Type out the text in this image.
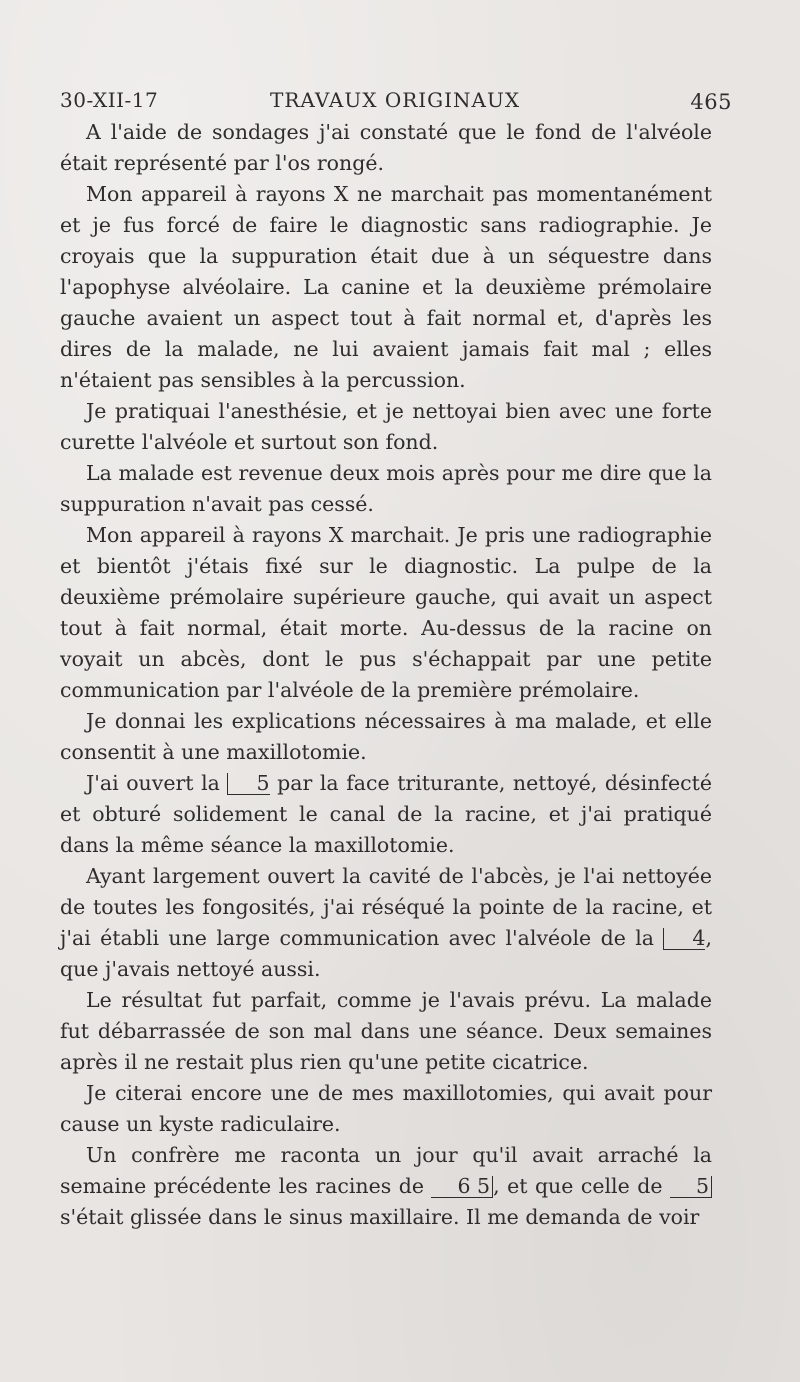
30-XII-17	TRAVAUX ORIGINAUX	465

A l'aide de sondages j'ai constaté que le fond de l'alvéole était représenté par l'os rongé.

Mon appareil à rayons X ne marchait pas momentanément et je fus forcé de faire le diagnostic sans radiographie. Je croyais que la suppuration était due à un séquestre dans l'apophyse alvéolaire. La canine et la deuxième prémolaire gauche avaient un aspect tout à fait normal et, d'après les dires de la malade, ne lui avaient jamais fait mal ; elles n'étaient pas sensibles à la percussion.

Je pratiquai l'anesthésie, et je nettoyai bien avec une forte curette l'alvéole et surtout son fond.

La malade est revenue deux mois après pour me dire que la suppuration n'avait pas cessé.

Mon appareil à rayons X marchait. Je pris une radiographie et bientôt j'étais fixé sur le diagnostic. La pulpe de la deuxième prémolaire supérieure gauche, qui avait un aspect tout à fait normal, était morte. Au-dessus de la racine on voyait un abcès, dont le pus s'échappait par une petite communication par l'alvéole de la première prémolaire.

Je donnai les explications nécessaires à ma malade, et elle consentit à une maxillotomie.

J'ai ouvert la 5 par la face triturante, nettoyé, désinfecté et obturé solidement le canal de la racine, et j'ai pratiqué dans la même séance la maxillotomie.

Ayant largement ouvert la cavité de l'abcès, je l'ai nettoyée de toutes les fongosités, j'ai réséqué la pointe de la racine, et j'ai établi une large communication avec l'alvéole de la 4, que j'avais nettoyé aussi.

Le résultat fut parfait, comme je l'avais prévu. La malade fut débarrassée de son mal dans une séance. Deux semaines après il ne restait plus rien qu'une petite cicatrice.

Je citerai encore une de mes maxillotomies, qui avait pour cause un kyste radiculaire.

Un confrère me raconta un jour qu'il avait arraché la semaine précédente les racines de 6 5 , et que celle de 5 s'était glissée dans le sinus maxillaire. Il me demanda de voir
